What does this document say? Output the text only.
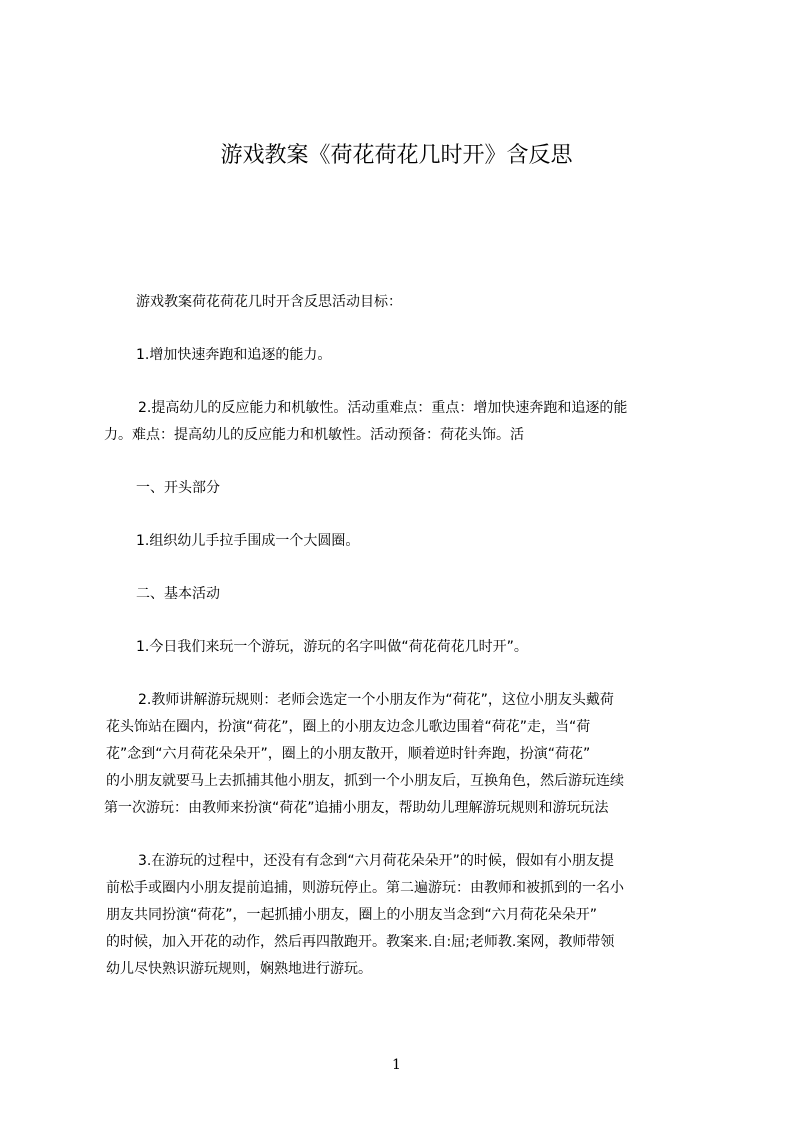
游戏教案《荷花荷花几时开》含反思
游戏教案荷花荷花几时开含反思活动目标：
1.增加快速奔跑和追逐的能力。
2.提高幼儿的反应能力和机敏性。活动重难点：重点：增加快速奔跑和追逐的能
力。难点：提高幼儿的反应能力和机敏性。活动预备：荷花头饰。活
一、开头部分
1.组织幼儿手拉手围成一个大圆圈。
二、基本活动
1.今日我们来玩一个游玩，游玩的名字叫做“荷花荷花几时开”。
2.教师讲解游玩规则：老师会选定一个小朋友作为“荷花”，这位小朋友头戴荷
花头饰站在圈内，扮演“荷花”，圈上的小朋友边念儿歌边围着“荷花”走，当“荷
花”念到“六月荷花朵朵开”，圈上的小朋友散开，顺着逆时针奔跑，扮演“荷花”
的小朋友就要马上去抓捕其他小朋友，抓到一个小朋友后，互换角色，然后游玩连续
第一次游玩：由教师来扮演“荷花”追捕小朋友，帮助幼儿理解游玩规则和游玩玩法
3.在游玩的过程中，还没有有念到“六月荷花朵朵开”的时候，假如有小朋友提
前松手或圈内小朋友提前追捕，则游玩停止。第二遍游玩：由教师和被抓到的一名小
朋友共同扮演“荷花”，一起抓捕小朋友，圈上的小朋友当念到“六月荷花朵朵开”
的时候，加入开花的动作，然后再四散跑开。教案来.自:屈;老师教.案网，教师带领
幼儿尽快熟识游玩规则，娴熟地进行游玩。
1
